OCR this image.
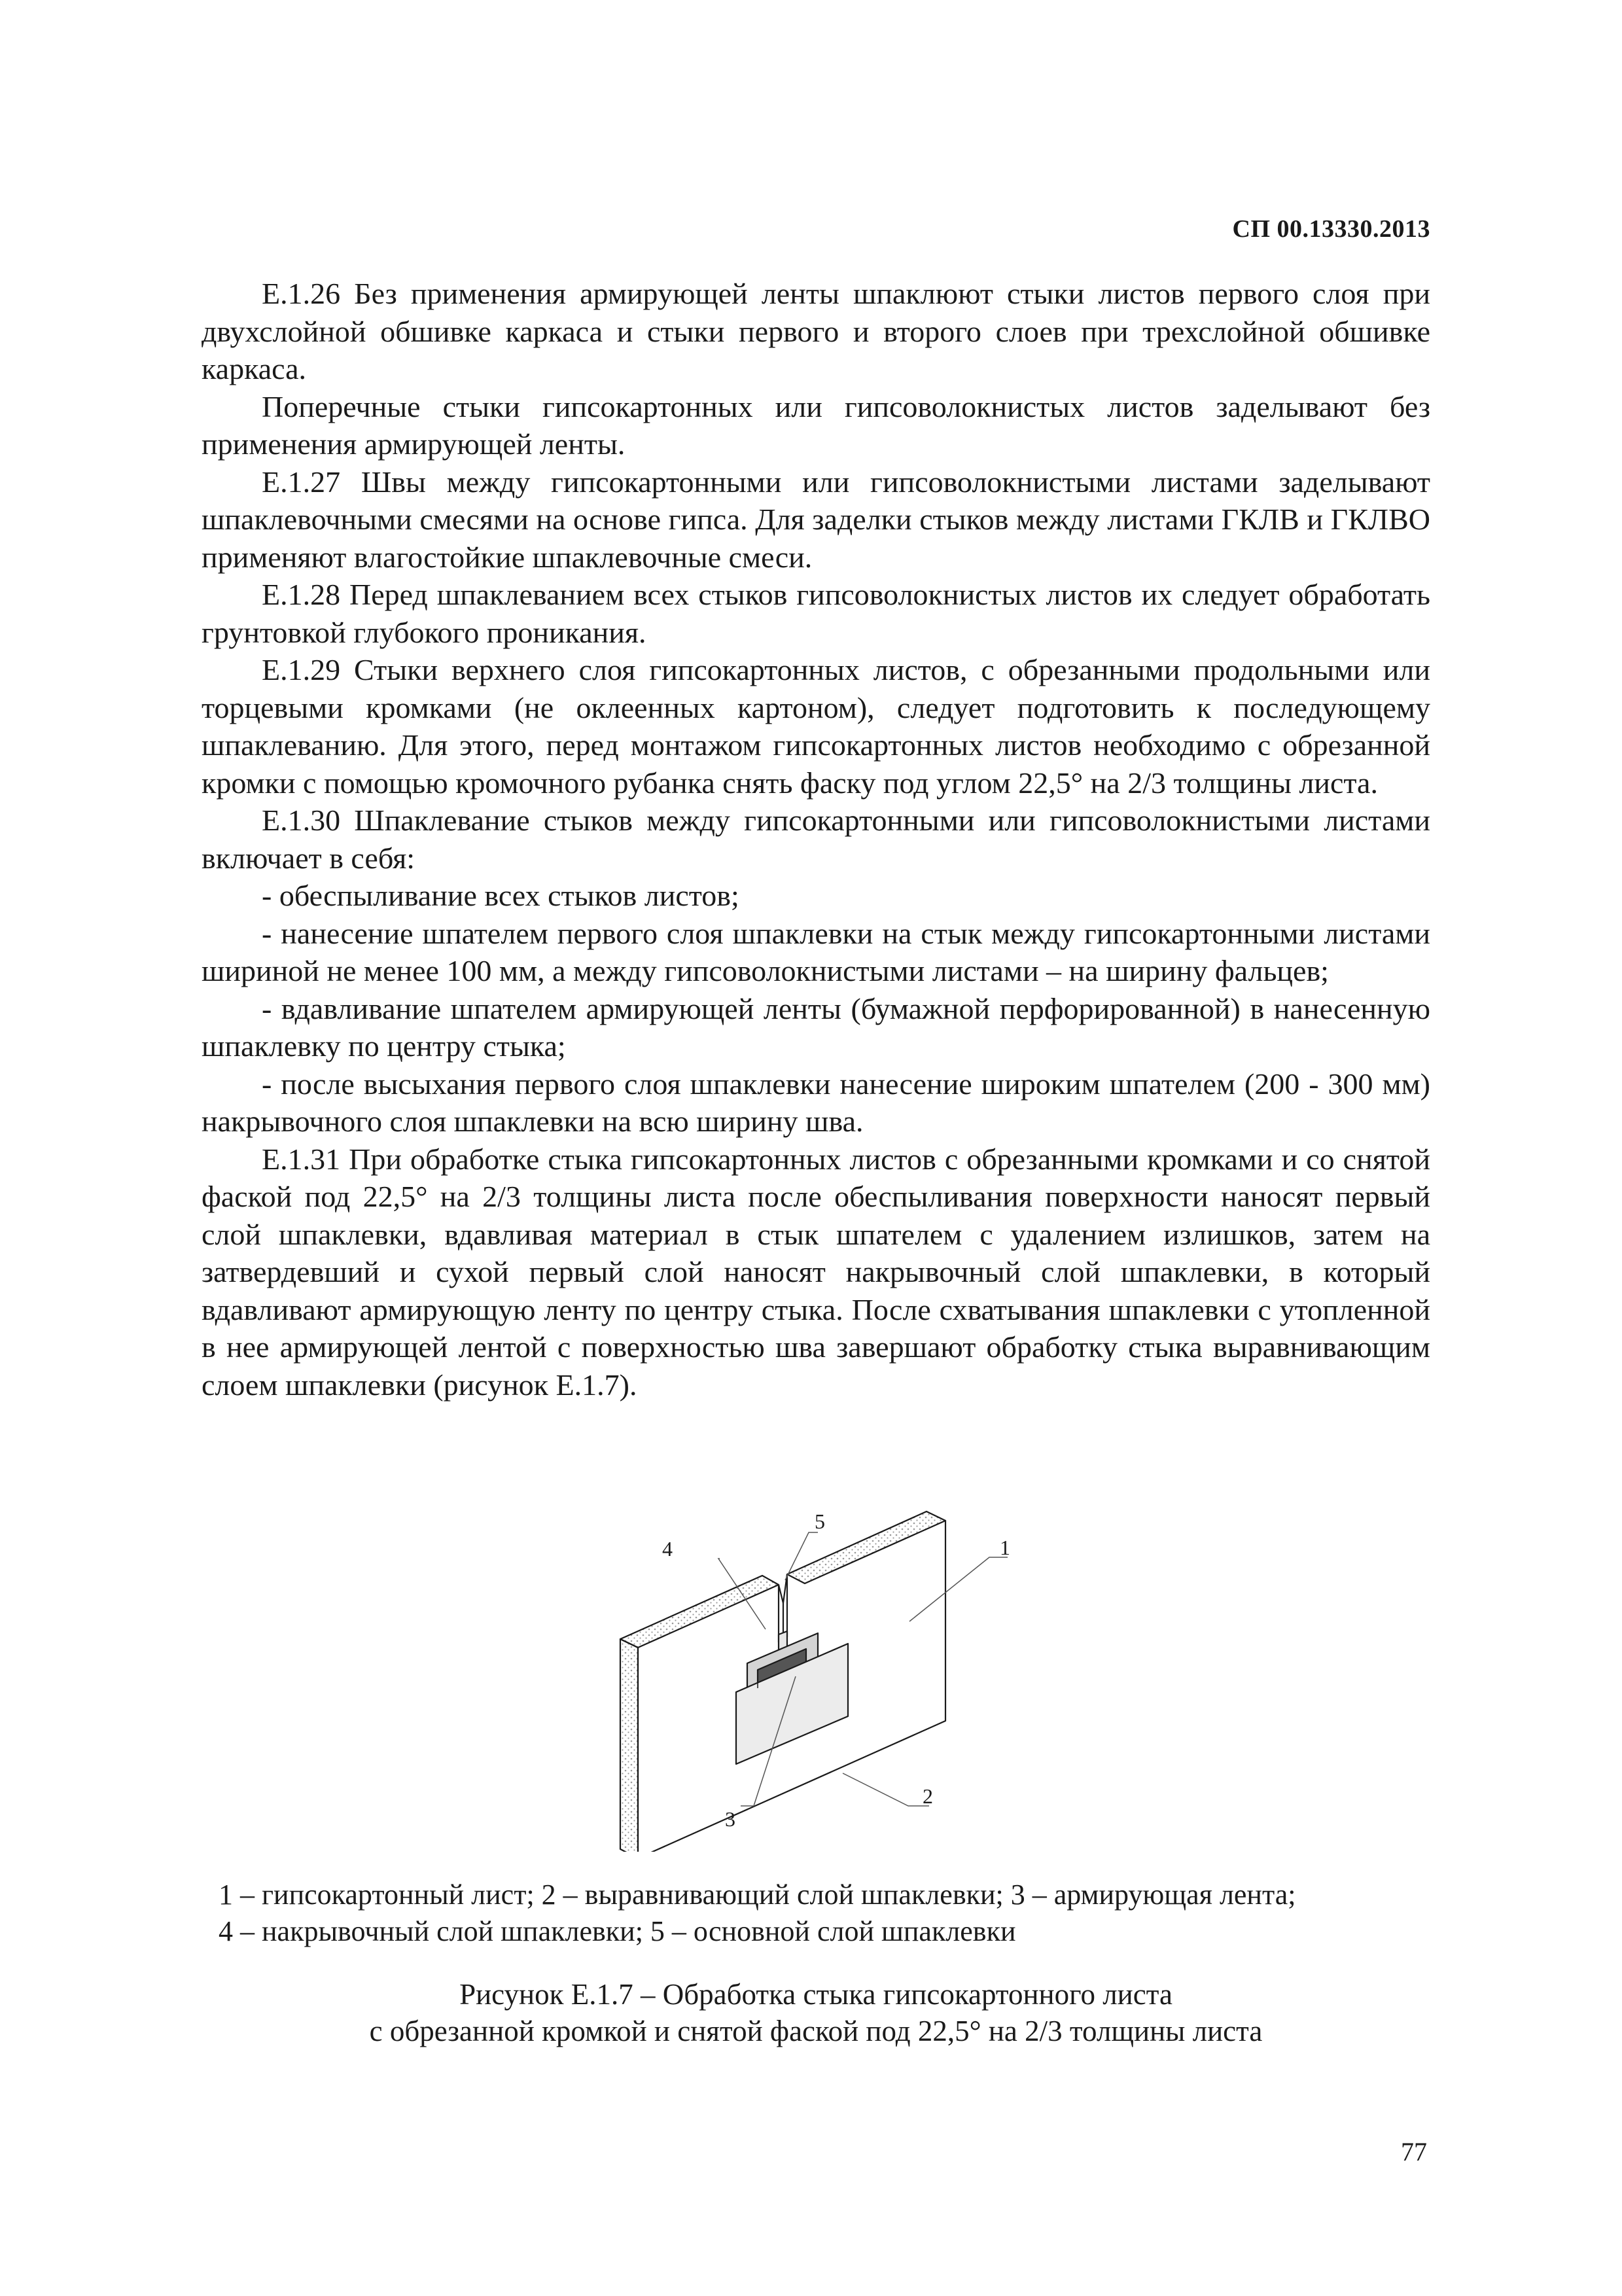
СП 00.13330.2013

Е.1.26 Без применения армирующей ленты шпаклюют стыки листов первого слоя при двухслойной обшивке каркаса и стыки первого и второго слоев при трехслойной обшивке каркаса.

Поперечные стыки гипсокартонных или гипсоволокнистых листов заделывают без применения армирующей ленты.

Е.1.27 Швы между гипсокартонными или гипсоволокнистыми листами заделывают шпаклевочными смесями на основе гипса. Для заделки стыков между листами ГКЛВ и ГКЛВО применяют влагостойкие шпаклевочные смеси.

Е.1.28 Перед шпаклеванием всех стыков гипсоволокнистых листов их следует обработать грунтовкой глубокого проникания.

Е.1.29 Стыки верхнего слоя гипсокартонных листов, с обрезанными продольными или торцевыми кромками (не оклеенных картоном), следует подготовить к последующему шпаклеванию. Для этого, перед монтажом гипсокартонных листов необходимо с обрезанной кромки с помощью кромочного рубанка снять фаску под углом 22,5° на 2/3 толщины листа.

Е.1.30 Шпаклевание стыков между гипсокартонными или гипсоволокнистыми листами включает в себя:

- обеспыливание всех стыков листов;

- нанесение шпателем первого слоя шпаклевки на стык между гипсокартонными листами шириной не менее 100 мм, а между гипсоволокнистыми листами – на ширину фальцев;

- вдавливание шпателем армирующей ленты (бумажной перфорированной) в нанесенную шпаклевку по центру стыка;

- после высыхания первого слоя шпаклевки нанесение широким шпателем (200 - 300 мм) накрывочного слоя шпаклевки на всю ширину шва.

Е.1.31 При обработке стыка гипсокартонных листов с обрезанными кромками и со снятой фаской под 22,5° на 2/3 толщины листа после обеспыливания поверхности наносят первый слой шпаклевки, вдавливая материал в стык шпателем с удалением излишков, затем на затвердевший и сухой первый слой наносят накрывочный слой шпаклевки, в который вдавливают армирующую ленту по центру стыка. После схватывания шпаклевки с утопленной в нее армирующей лентой с поверхностью шва завершают обработку стыка выравнивающим слоем шпаклевки (рисунок Е.1.7).

5
4	1
2
3

1 – гипсокартонный лист; 2 – выравнивающий слой шпаклевки; 3 – армирующая лента;

4 – накрывочный слой шпаклевки; 5 – основной слой шпаклевки

Рисунок Е.1.7 – Обработка стыка гипсокартонного листа

с обрезанной кромкой и снятой фаской под 22,5° на 2/3 толщины листа

77
